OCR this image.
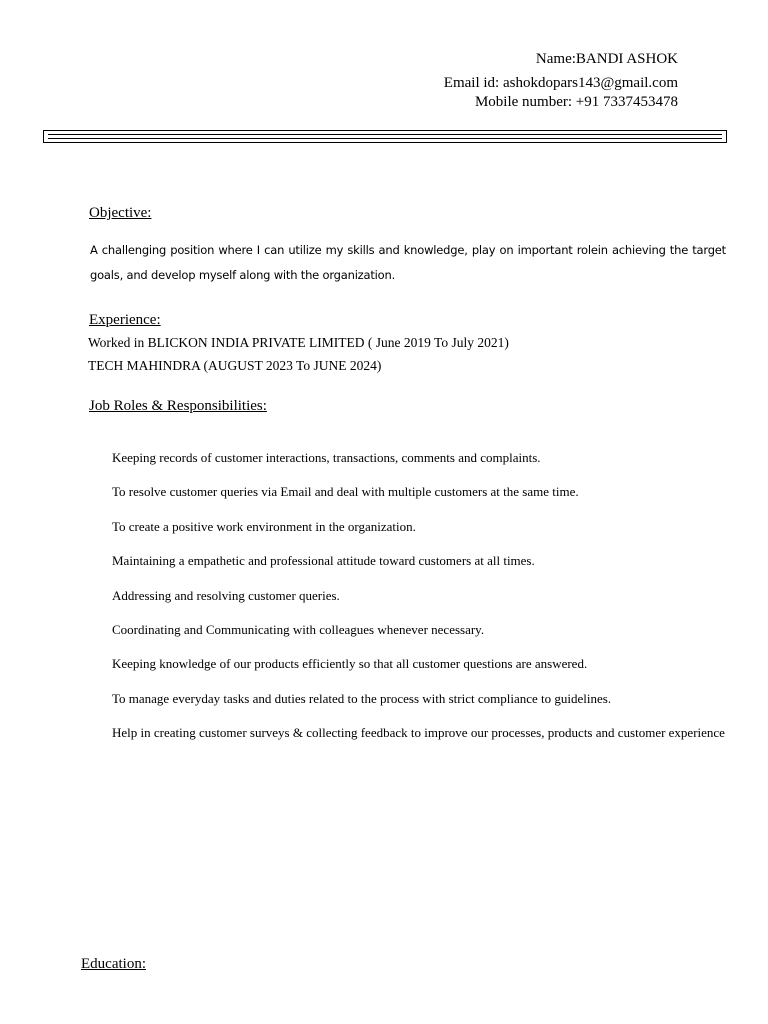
Name:BANDI ASHOK
Email id: ashokdopars143@gmail.com
Mobile number: +91 7337453478
Objective:
A challenging position where I can utilize my skills and knowledge, play on important rolein achieving the target goals, and develop myself along with the organization.
Experience:
Worked in BLICKON INDIA PRIVATE LIMITED ( June 2019 To July 2021)
TECH MAHINDRA (AUGUST 2023 To JUNE 2024)
Job Roles & Responsibilities:
Keeping records of customer interactions, transactions, comments and complaints.
To resolve customer queries via Email and deal with multiple customers at the same time.
To create a positive work environment in the organization.
Maintaining a empathetic and professional attitude toward customers at all times.
Addressing and resolving customer queries.
Coordinating and Communicating with colleagues whenever necessary.
Keeping knowledge of our products efficiently so that all customer questions are answered.
To manage everyday tasks and duties related to the process with strict compliance to guidelines.
Help in creating customer surveys & collecting feedback to improve our processes, products and customer experience
Education:
